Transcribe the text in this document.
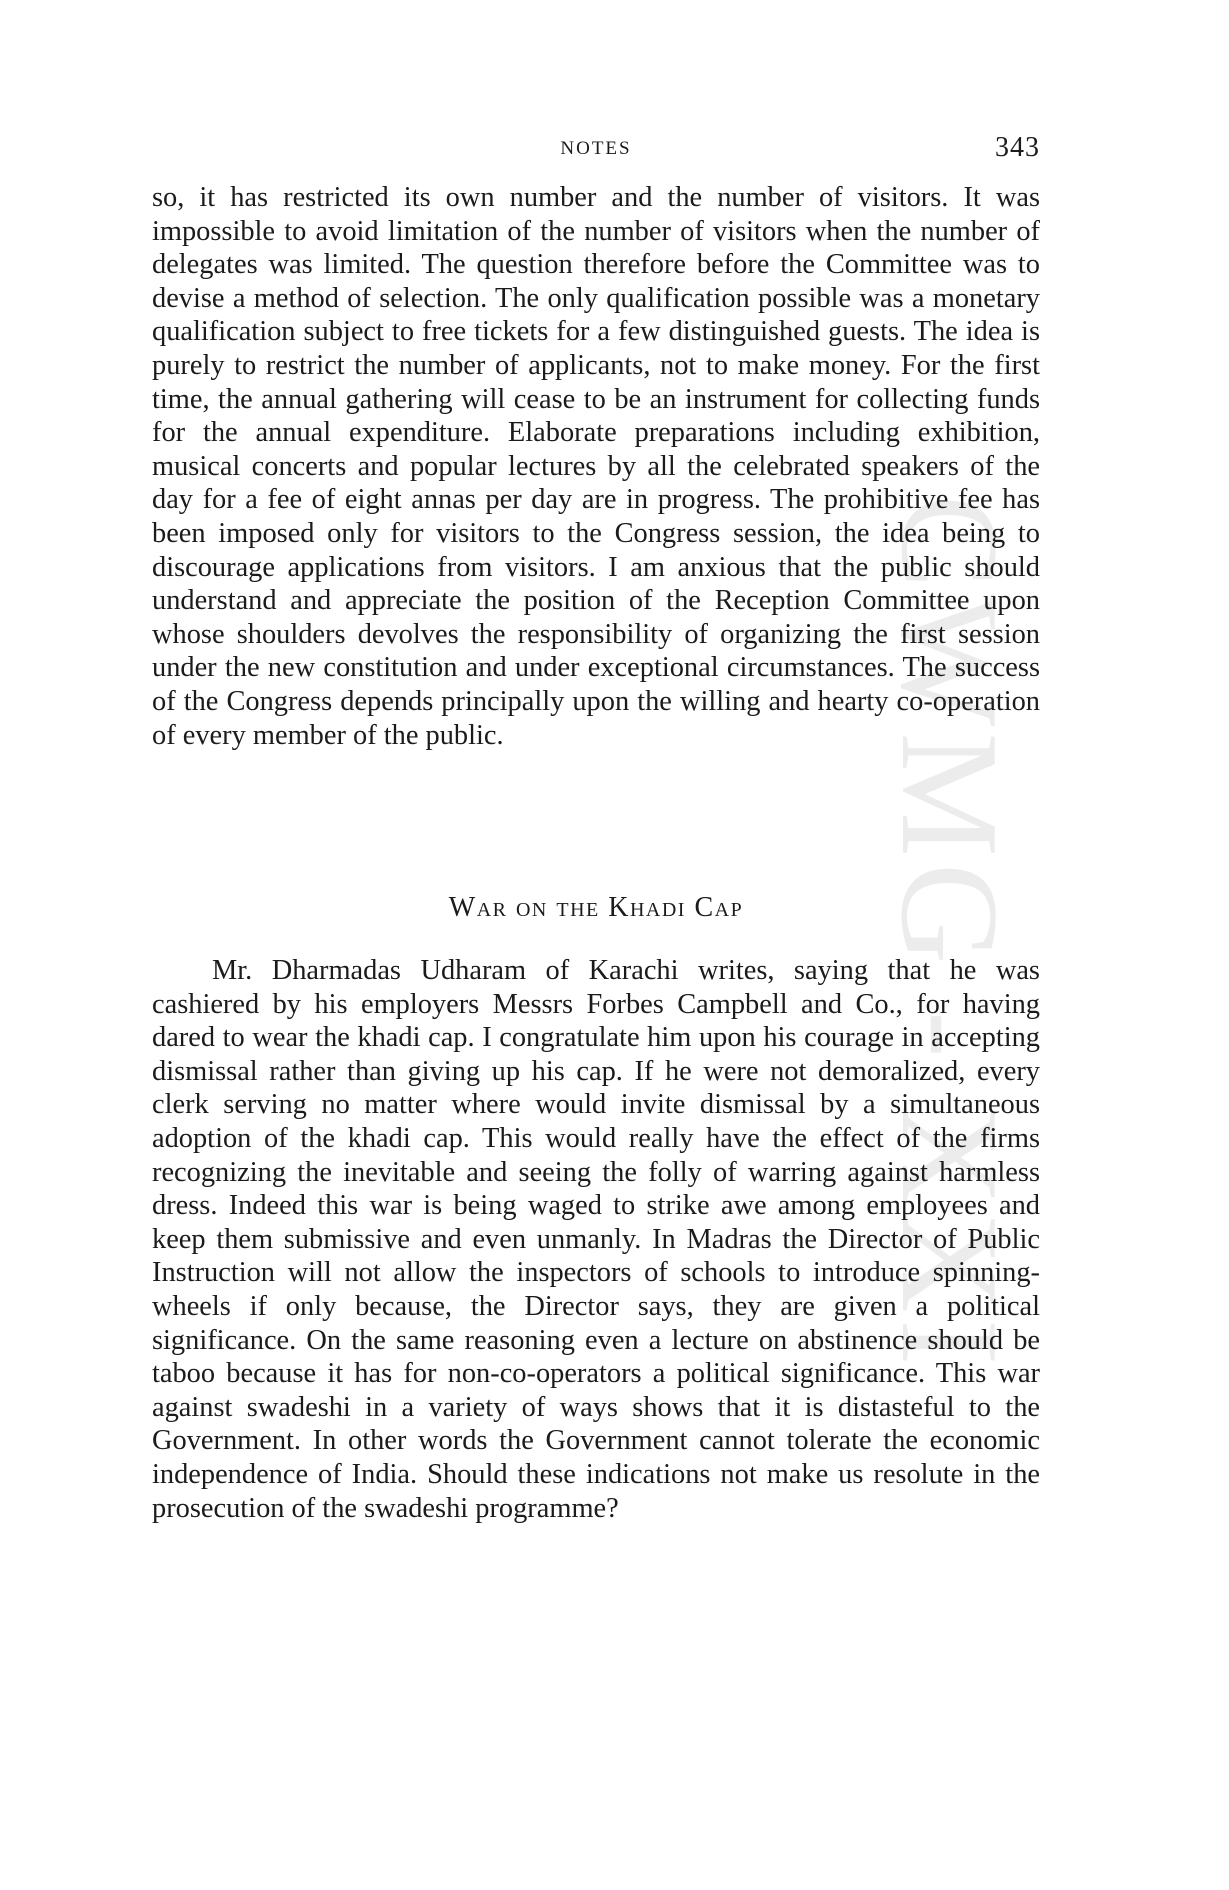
CWMG - XXI
NOTES	343

so, it has restricted its own number and the number of visitors. It was impossible to avoid limitation of the number of visitors when the number of delegates was limited. The question therefore before the Committee was to devise a method of selection. The only qualification possible was a monetary qualification subject to free tickets for a few distinguished guests. The idea is purely to restrict the number of applicants, not to make money. For the first time, the annual gathering will cease to be an instrument for collecting funds for the annual expenditure. Elaborate preparations including exhibition, musical concerts and popular lectures by all the celebrated speakers of the day for a fee of eight annas per day are in progress. The prohibitive fee has been imposed only for visitors to the Congress session, the idea being to discourage applications from visitors. I am anxious that the public should understand and appreciate the position of the Reception Committee upon whose shoulders devolves the responsibility of organizing the first session under the new constitution and under exceptional circumstances. The success of the Congress depends principally upon the willing and hearty co-operation of every member of the public.

War on the Khadi Cap

Mr. Dharmadas Udharam of Karachi writes, saying that he was cashiered by his employers Messrs Forbes Campbell and Co., for having dared to wear the khadi cap. I congratulate him upon his courage in accepting dismissal rather than giving up his cap. If he were not demoralized, every clerk serving no matter where would invite dismissal by a simultaneous adoption of the khadi cap. This would really have the effect of the firms recognizing the inevitable and seeing the folly of warring against harmless dress. Indeed this war is being waged to strike awe among employees and keep them submissive and even unmanly. In Madras the Director of Public Instruction will not allow the inspectors of schools to introduce spinning-wheels if only because, the Director says, they are given a political significance. On the same reasoning even a lecture on abstinence should be taboo because it has for non-co-operators a political significance. This war against swadeshi in a variety of ways shows that it is distasteful to the Government. In other words the Government cannot tolerate the economic independence of India. Should these indications not make us resolute in the prosecution of the swadeshi programme?
